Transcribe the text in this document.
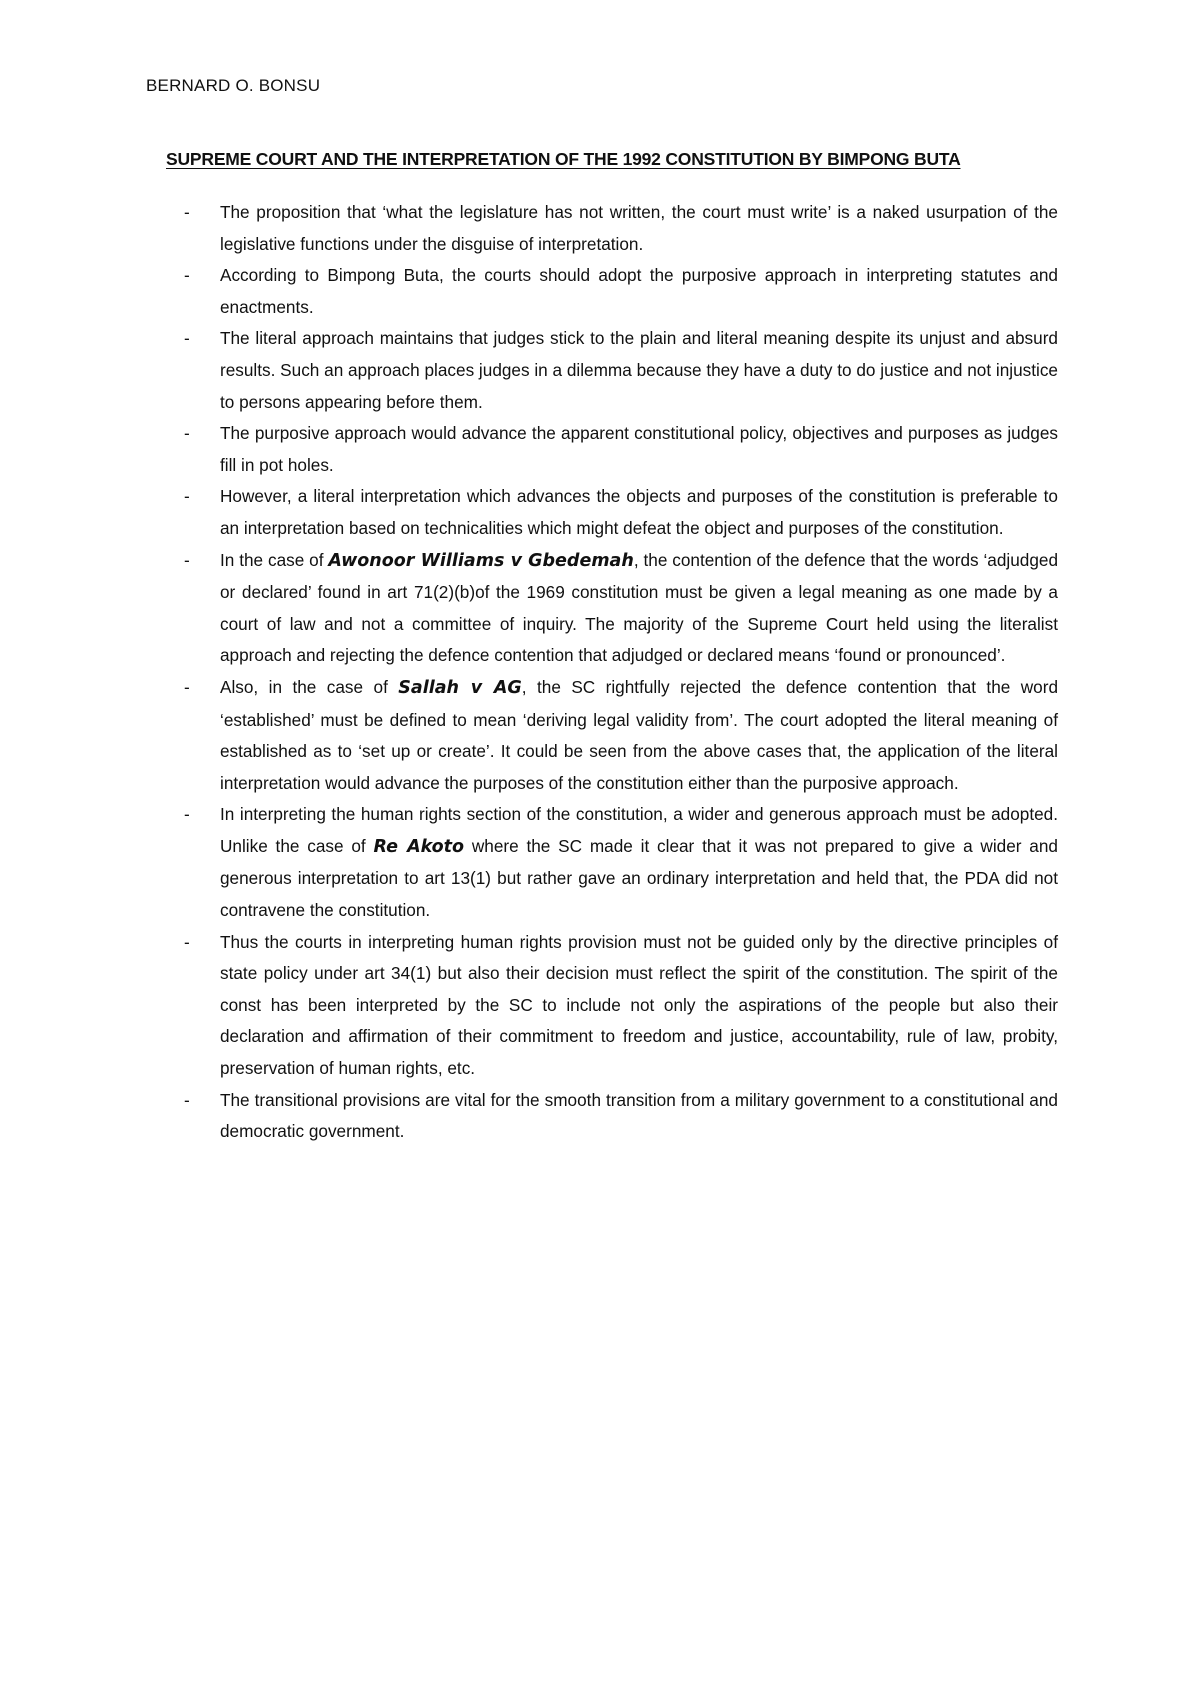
BERNARD O. BONSU
SUPREME COURT AND THE INTERPRETATION OF THE 1992 CONSTITUTION BY BIMPONG BUTA
- The proposition that ‘what the legislature has not written, the court must write’ is a naked usurpation of the legislative functions under the disguise of interpretation.
- According to Bimpong Buta, the courts should adopt the purposive approach in interpreting statutes and enactments.
- The literal approach maintains that judges stick to the plain and literal meaning despite its unjust and absurd results. Such an approach places judges in a dilemma because they have a duty to do justice and not injustice to persons appearing before them.
- The purposive approach would advance the apparent constitutional policy, objectives and purposes as judges fill in pot holes.
- However, a literal interpretation which advances the objects and purposes of the constitution is preferable to an interpretation based on technicalities which might defeat the object and purposes of the constitution.
- In the case of Awonoor Williams v Gbedemah, the contention of the defence that the words ‘adjudged or declared’ found in art 71(2)(b)of the 1969 constitution must be given a legal meaning as one made by a court of law and not a committee of inquiry. The majority of the Supreme Court held using the literalist approach and rejecting the defence contention that adjudged or declared means ‘found or pronounced’.
- Also, in the case of Sallah v AG, the SC rightfully rejected the defence contention that the word ‘established’ must be defined to mean ‘deriving legal validity from’. The court adopted the literal meaning of established as to ‘set up or create’. It could be seen from the above cases that, the application of the literal interpretation would advance the purposes of the constitution either than the purposive approach.
- In interpreting the human rights section of the constitution, a wider and generous approach must be adopted. Unlike the case of Re Akoto where the SC made it clear that it was not prepared to give a wider and generous interpretation to art 13(1) but rather gave an ordinary interpretation and held that, the PDA did not contravene the constitution.
- Thus the courts in interpreting human rights provision must not be guided only by the directive principles of state policy under art 34(1) but also their decision must reflect the spirit of the constitution. The spirit of the const has been interpreted by the SC to include not only the aspirations of the people but also their declaration and affirmation of their commitment to freedom and justice, accountability, rule of law, probity, preservation of human rights, etc.
- The transitional provisions are vital for the smooth transition from a military government to a constitutional and democratic government.
